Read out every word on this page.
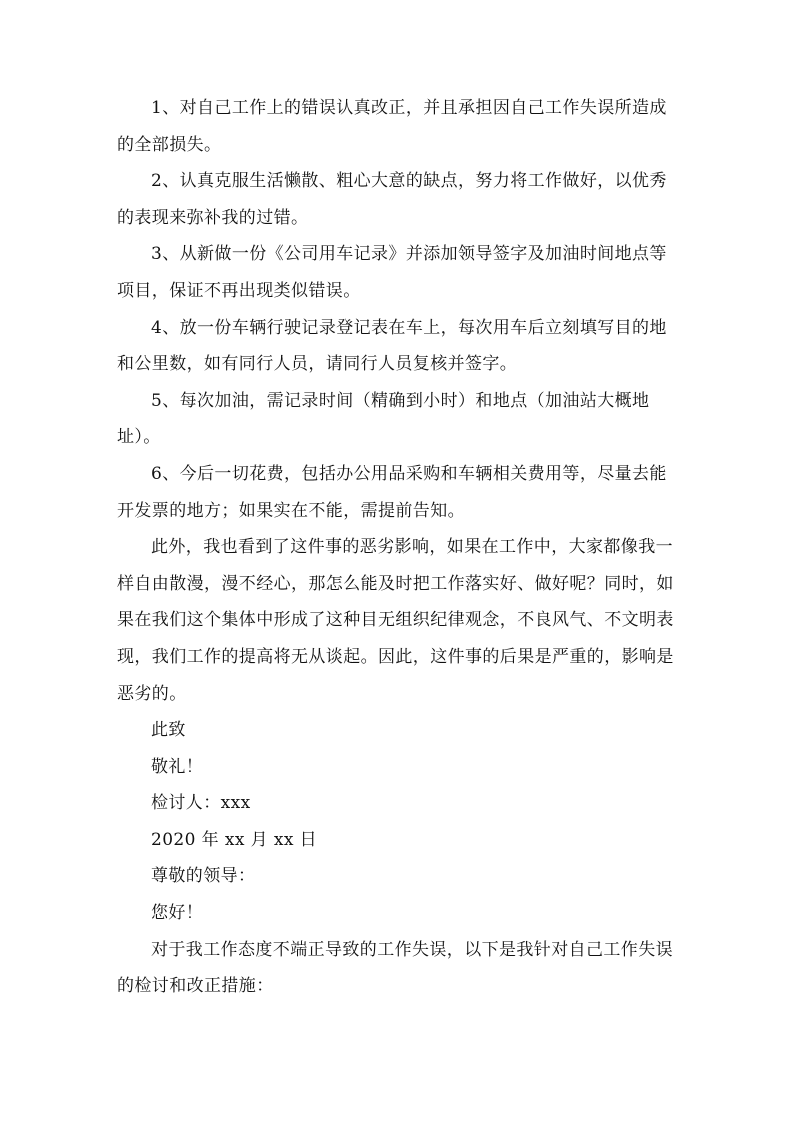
1、对自己工作上的错误认真改正，并且承担因自己工作失误所造成的全部损失。

2、认真克服生活懒散、粗心大意的缺点，努力将工作做好，以优秀的表现来弥补我的过错。

3、从新做一份《公司用车记录》并添加领导签字及加油时间地点等项目，保证不再出现类似错误。

4、放一份车辆行驶记录登记表在车上，每次用车后立刻填写目的地和公里数，如有同行人员，请同行人员复核并签字。

5、每次加油，需记录时间（精确到小时）和地点（加油站大概地址）。

6、今后一切花费，包括办公用品采购和车辆相关费用等，尽量去能开发票的地方；如果实在不能，需提前告知。

此外，我也看到了这件事的恶劣影响，如果在工作中，大家都像我一样自由散漫，漫不经心，那怎么能及时把工作落实好、做好呢？同时，如果在我们这个集体中形成了这种目无组织纪律观念，不良风气、不文明表现，我们工作的提高将无从谈起。因此，这件事的后果是严重的，影响是恶劣的。

此致

敬礼！

检讨人：xxx

2020 年 xx 月 xx 日

尊敬的领导：

您好！

对于我工作态度不端正导致的工作失误，以下是我针对自己工作失误的检讨和改正措施：
